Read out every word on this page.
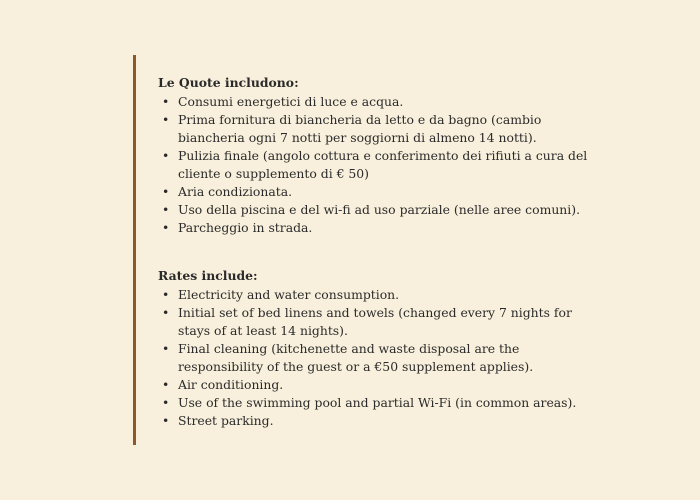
Le Quote includono:
• Consumi energetici di luce e acqua.
• Prima fornitura di biancheria da letto e da bagno (cambio biancheria ogni 7 notti per soggiorni di almeno 14 notti).
• Pulizia finale (angolo cottura e conferimento dei rifiuti a cura del cliente o supplemento di € 50)
• Aria condizionata.
• Uso della piscina e del wi-fi ad uso parziale (nelle aree comuni).
• Parcheggio in strada.
Rates include:
• Electricity and water consumption.
• Initial set of bed linens and towels (changed every 7 nights for stays of at least 14 nights).
• Final cleaning (kitchenette and waste disposal are the responsibility of the guest or a €50 supplement applies).
• Air conditioning.
• Use of the swimming pool and partial Wi-Fi (in common areas).
• Street parking.
